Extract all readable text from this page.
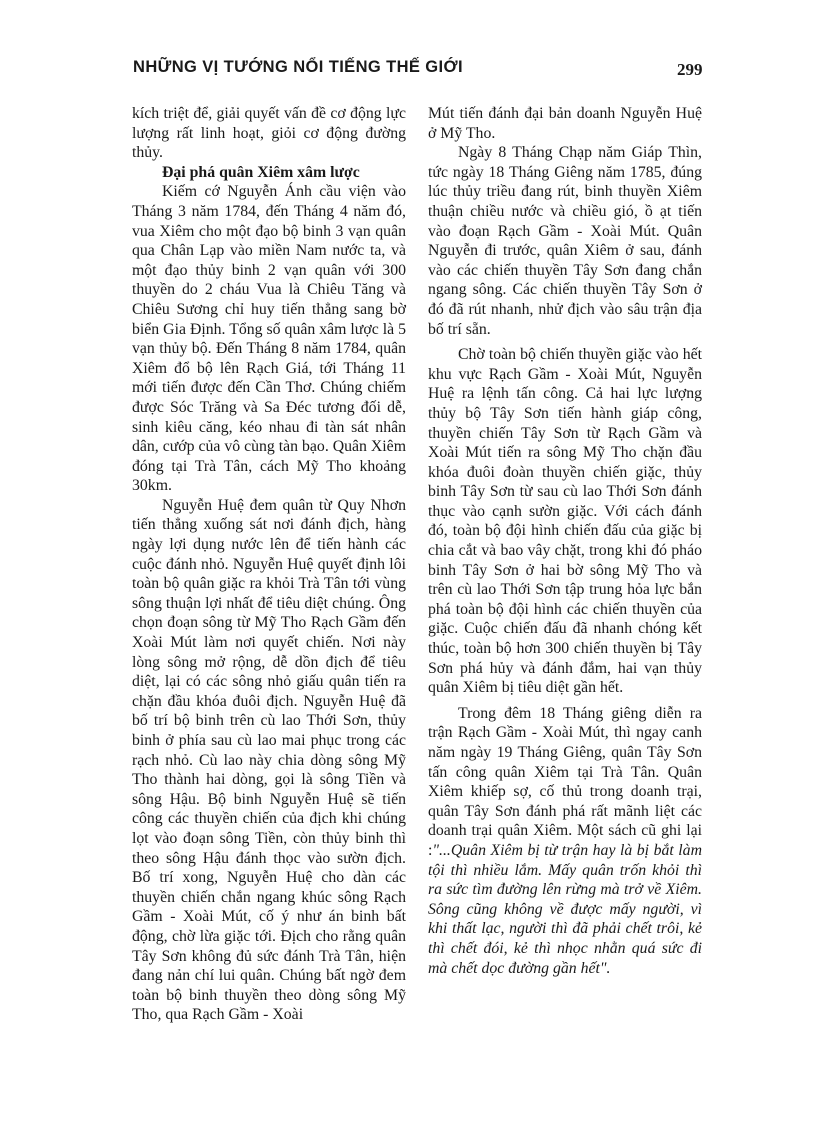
NHỮNG VỊ TƯỚNG NỔI TIẾNG THẾ GIỚI	299

kích triệt để, giải quyết vấn đề cơ động lực lượng rất linh hoạt, giỏi cơ động đường thủy.

Đại phá quân Xiêm xâm lược

Kiếm cớ Nguyễn Ánh cầu viện vào Tháng 3 năm 1784, đến Tháng 4 năm đó, vua Xiêm cho một đạo bộ binh 3 vạn quân qua Chân Lạp vào miền Nam nước ta, và một đạo thủy binh 2 vạn quân với 300 thuyền do 2 cháu Vua là Chiêu Tăng và Chiêu Sương chỉ huy tiến thẳng sang bờ biển Gia Định. Tổng số quân xâm lược là 5 vạn thủy bộ. Đến Tháng 8 năm 1784, quân Xiêm đổ bộ lên Rạch Giá, tới Tháng 11 mới tiến được đến Cần Thơ. Chúng chiếm được Sóc Trăng và Sa Đéc tương đối dễ, sinh kiêu căng, kéo nhau đi tàn sát nhân dân, cướp của vô cùng tàn bạo. Quân Xiêm đóng tại Trà Tân, cách Mỹ Tho khoảng 30km.

Nguyễn Huệ đem quân từ Quy Nhơn tiến thẳng xuống sát nơi đánh địch, hàng ngày lợi dụng nước lên để tiến hành các cuộc đánh nhỏ. Nguyễn Huệ quyết định lôi toàn bộ quân giặc ra khỏi Trà Tân tới vùng sông thuận lợi nhất để tiêu diệt chúng. Ông chọn đoạn sông từ Mỹ Tho Rạch Gầm đến Xoài Mút làm nơi quyết chiến. Nơi này lòng sông mở rộng, dễ dồn địch để tiêu diệt, lại có các sông nhỏ giấu quân tiến ra chặn đầu khóa đuôi địch. Nguyễn Huệ đã bố trí bộ binh trên cù lao Thới Sơn, thủy binh ở phía sau cù lao mai phục trong các rạch nhỏ. Cù lao này chia dòng sông Mỹ Tho thành hai dòng, gọi là sông Tiền và sông Hậu. Bộ binh Nguyễn Huệ sẽ tiến công các thuyền chiến của địch khi chúng lọt vào đoạn sông Tiền, còn thủy binh thì theo sông Hậu đánh thọc vào sườn địch. Bố trí xong, Nguyễn Huệ cho dàn các thuyền chiến chắn ngang khúc sông Rạch Gầm - Xoài Mút, cố ý như án binh bất động, chờ lừa giặc tới. Địch cho rằng quân Tây Sơn không đủ sức đánh Trà Tân, hiện đang nản chí lui quân. Chúng bất ngờ đem toàn bộ binh thuyền theo dòng sông Mỹ Tho, qua Rạch Gầm - Xoài

Mút tiến đánh đại bản doanh Nguyễn Huệ ở Mỹ Tho.

Ngày 8 Tháng Chạp năm Giáp Thìn, tức ngày 18 Tháng Giêng năm 1785, đúng lúc thủy triều đang rút, binh thuyền Xiêm thuận chiều nước và chiều gió, ồ ạt tiến vào đoạn Rạch Gầm - Xoài Mút. Quân Nguyễn đi trước, quân Xiêm ở sau, đánh vào các chiến thuyền Tây Sơn đang chắn ngang sông. Các chiến thuyền Tây Sơn ở đó đã rút nhanh, nhử địch vào sâu trận địa bố trí sẵn.

Chờ toàn bộ chiến thuyền giặc vào hết khu vực Rạch Gầm - Xoài Mút, Nguyễn Huệ ra lệnh tấn công. Cả hai lực lượng thủy bộ Tây Sơn tiến hành giáp công, thuyền chiến Tây Sơn từ Rạch Gầm và Xoài Mút tiến ra sông Mỹ Tho chặn đầu khóa đuôi đoàn thuyền chiến giặc, thủy binh Tây Sơn từ sau cù lao Thới Sơn đánh thục vào cạnh sườn giặc. Với cách đánh đó, toàn bộ đội hình chiến đấu của giặc bị chia cắt và bao vây chặt, trong khi đó pháo binh Tây Sơn ở hai bờ sông Mỹ Tho và trên cù lao Thới Sơn tập trung hỏa lực bắn phá toàn bộ đội hình các chiến thuyền của giặc. Cuộc chiến đấu đã nhanh chóng kết thúc, toàn bộ hơn 300 chiến thuyền bị Tây Sơn phá hủy và đánh đắm, hai vạn thủy quân Xiêm bị tiêu diệt gần hết.

Trong đêm 18 Tháng giêng diễn ra trận Rạch Gầm - Xoài Mút, thì ngay canh năm ngày 19 Tháng Giêng, quân Tây Sơn tấn công quân Xiêm tại Trà Tân. Quân Xiêm khiếp sợ, cố thủ trong doanh trại, quân Tây Sơn đánh phá rất mãnh liệt các doanh trại quân Xiêm. Một sách cũ ghi lại :"...Quân Xiêm bị từ trận hay là bị bắt làm tội thì nhiều lắm. Mấy quân trốn khỏi thì ra sức tìm đường lên rừng mà trở về Xiêm. Sông cũng không về được mấy người, vì khi thất lạc, người thì đã phải chết trôi, kẻ thì chết đói, kẻ thì nhọc nhằn quá sức đi mà chết dọc đường gần hết".
